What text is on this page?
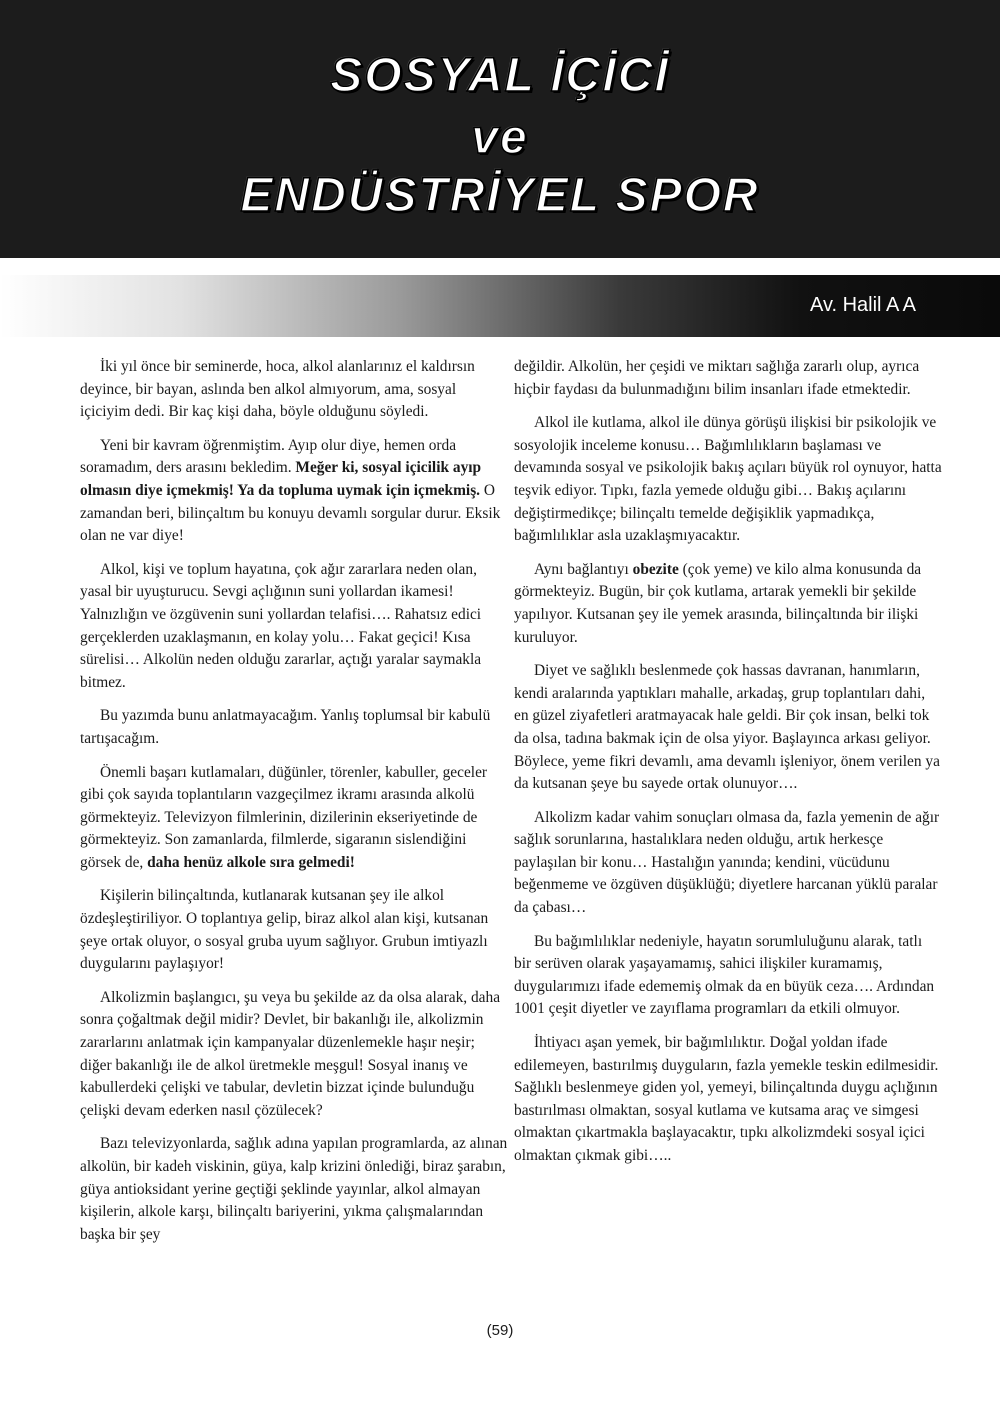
SOSYAL İÇİCİ
ve
ENDÜSTRİYEL SPOR
Av. Halil A A

İki yıl önce bir seminerde, hoca, alkol alanlarınız el kaldırsın deyince, bir bayan, aslında ben alkol almıyorum, ama, sosyal içiciyim dedi. Bir kaç kişi daha, böyle olduğunu söyledi.

Yeni bir kavram öğrenmiştim. Ayıp olur diye, hemen orda soramadım, ders arasını bekledim. Meğer ki, sosyal içicilik ayıp olmasın diye içmekmiş! Ya da topluma uymak için içmekmiş. O zamandan beri, bilinçaltım bu konuyu devamlı sorgular durur. Eksik olan ne var diye!

Alkol, kişi ve toplum hayatına, çok ağır zararlara neden olan, yasal bir uyuşturucu. Sevgi açlığının suni yollardan ikamesi! Yalnızlığın ve özgüvenin suni yollardan telafisi…. Rahatsız edici gerçeklerden uzaklaşmanın, en kolay yolu… Fakat geçici! Kısa sürelisi… Alkolün neden olduğu zararlar, açtığı yaralar saymakla bitmez.

Bu yazımda bunu anlatmayacağım. Yanlış toplumsal bir kabulü tartışacağım.

Önemli başarı kutlamaları, düğünler, törenler, kabuller, geceler gibi çok sayıda toplantıların vazgeçilmez ikramı arasında alkolü görmekteyiz. Televizyon filmlerinin, dizilerinin ekseriyetinde de görmekteyiz. Son zamanlarda, filmlerde, sigaranın sislendiğini görsek de, daha henüz alkole sıra gelmedi!

Kişilerin bilinçaltında, kutlanarak kutsanan şey ile alkol özdeşleştiriliyor. O toplantıya gelip, biraz alkol alan kişi, kutsanan şeye ortak oluyor, o sosyal gruba uyum sağlıyor. Grubun imtiyazlı duygularını paylaşıyor!

Alkolizmin başlangıcı, şu veya bu şekilde az da olsa alarak, daha sonra çoğaltmak değil midir? Devlet, bir bakanlığı ile, alkolizmin zararlarını anlatmak için kampanyalar düzenlemekle haşır neşir; diğer bakanlığı ile de alkol üretmekle meşgul! Sosyal inanış ve kabullerdeki çelişki ve tabular, devletin bizzat içinde bulunduğu çelişki devam ederken nasıl çözülecek?

Bazı televizyonlarda, sağlık adına yapılan programlarda, az alınan alkolün, bir kadeh viskinin, güya, kalp krizini önlediği, biraz şarabın, güya antioksidant yerine geçtiği şeklinde yayınlar, alkol almayan kişilerin, alkole karşı, bilinçaltı bariyerini, yıkma çalışmalarından başka bir şey

değildir. Alkolün, her çeşidi ve miktarı sağlığa zararlı olup, ayrıca hiçbir faydası da bulunmadığını bilim insanları ifade etmektedir.

Alkol ile kutlama, alkol ile dünya görüşü ilişkisi bir psikolojik ve sosyolojik inceleme konusu… Bağımlılıkların başlaması ve devamında sosyal ve psikolojik bakış açıları büyük rol oynuyor, hatta teşvik ediyor. Tıpkı, fazla yemede olduğu gibi… Bakış açılarını değiştirmedikçe; bilinçaltı temelde değişiklik yapmadıkça, bağımlılıklar asla uzaklaşmıyacaktır.

Aynı bağlantıyı obezite (çok yeme) ve kilo alma konusunda da görmekteyiz. Bugün, bir çok kutlama, artarak yemekli bir şekilde yapılıyor. Kutsanan şey ile yemek arasında, bilinçaltında bir ilişki kuruluyor.

Diyet ve sağlıklı beslenmede çok hassas davranan, hanımların, kendi aralarında yaptıkları mahalle, arkadaş, grup toplantıları dahi, en güzel ziyafetleri aratmayacak hale geldi. Bir çok insan, belki tok da olsa, tadına bakmak için de olsa yiyor. Başlayınca arkası geliyor. Böylece, yeme fikri devamlı, ama devamlı işleniyor, önem verilen ya da kutsanan şeye bu sayede ortak olunuyor….

Alkolizm kadar vahim sonuçları olmasa da, fazla yemenin de ağır sağlık sorunlarına, hastalıklara neden olduğu, artık herkesçe paylaşılan bir konu… Hastalığın yanında; kendini, vücüdunu beğenmeme ve özgüven düşüklüğü; diyetlere harcanan yüklü paralar da çabası…

Bu bağımlılıklar nedeniyle, hayatın sorumluluğunu alarak, tatlı bir serüven olarak yaşayamamış, sahici ilişkiler kuramamış, duygularımızı ifade edememiş olmak da en büyük ceza…. Ardından 1001 çeşit diyetler ve zayıflama programları da etkili olmuyor.

İhtiyacı aşan yemek, bir bağımlılıktır. Doğal yoldan ifade edilemeyen, bastırılmış duyguların, fazla yemekle teskin edilmesidir. Sağlıklı beslenmeye giden yol, yemeyi, bilinçaltında duygu açlığının bastırılması olmaktan, sosyal kutlama ve kutsama araç ve simgesi olmaktan çıkartmakla başlayacaktır, tıpkı alkolizmdeki sosyal içici olmaktan çıkmak gibi…..

(59)
